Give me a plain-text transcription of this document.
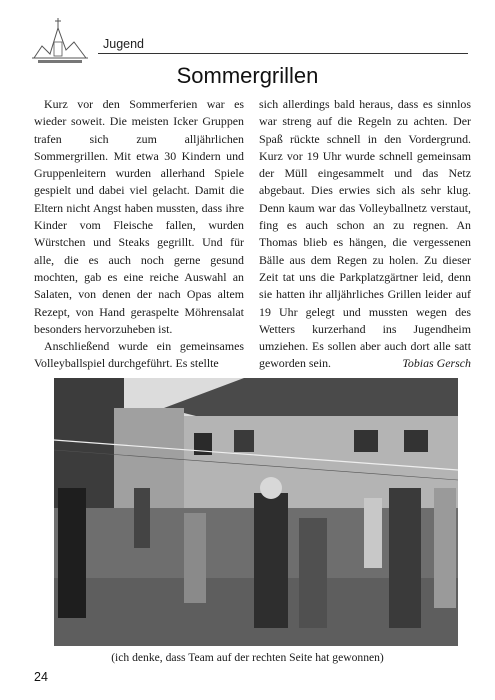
Jugend
Sommergrillen

Kurz vor den Sommerferien war es wieder soweit. Die meisten Icker Gruppen trafen sich zum alljährlichen Sommergrillen. Mit etwa 30 Kindern und Gruppenleitern wurden allerhand Spiele gespielt und dabei viel gelacht. Damit die Eltern nicht Angst haben mussten, dass ihre Kinder vom Fleische fallen, wurden Würstchen und Steaks gegrillt. Und für alle, die es auch noch gerne gesund mochten, gab es eine reiche Auswahl an Salaten, von denen der nach Opas altem Rezept, von Hand geraspelte Möhrensalat besonders hervorzuheben ist.

Anschließend wurde ein gemeinsames Volleyballspiel durchgeführt. Es stellte

sich allerdings bald heraus, dass es sinnlos war streng auf die Regeln zu achten. Der Spaß rückte schnell in den Vordergrund. Kurz vor 19 Uhr wurde schnell gemeinsam der Müll eingesammelt und das Netz abgebaut. Dies erwies sich als sehr klug. Denn kaum war das Volleyballnetz verstaut, fing es auch schon an zu regnen. An Thomas blieb es hängen, die vergessenen Bälle aus dem Regen zu holen. Zu dieser Zeit tat uns die Parkplatzgärtner leid, denn sie hatten ihr alljährliches Grillen leider auf 19 Uhr gelegt und mussten wegen des Wetters kurzerhand ins Jugendheim umziehen. Es sollen aber auch dort alle satt geworden sein.	Tobias Gersch

(ich denke, dass Team auf der rechten Seite hat gewonnen)
24
